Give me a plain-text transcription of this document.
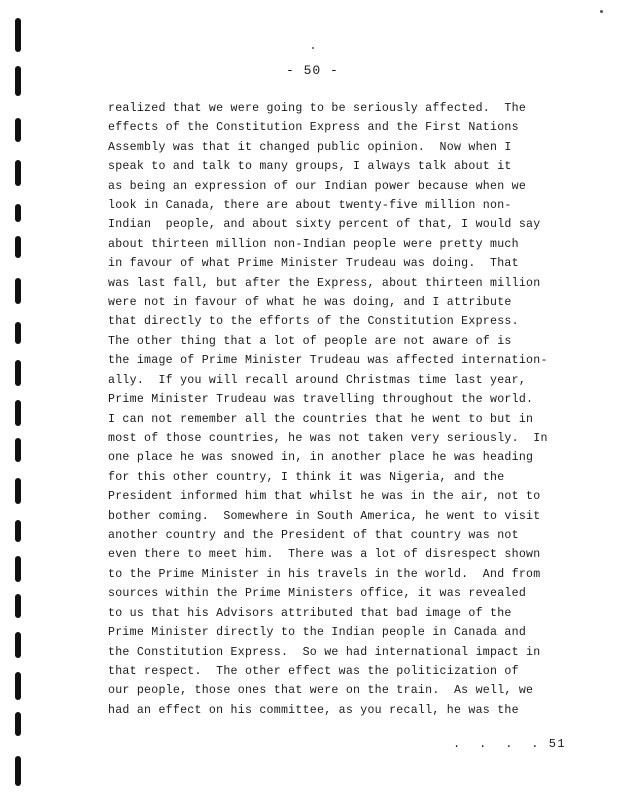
- 50 -
realized that we were going to be seriously affected.  The
effects of the Constitution Express and the First Nations
Assembly was that it changed public opinion.  Now when I
speak to and talk to many groups, I always talk about it
as being an expression of our Indian power because when we
look in Canada, there are about twenty-five million non-
Indian  people, and about sixty percent of that, I would say
about thirteen million non-Indian people were pretty much
in favour of what Prime Minister Trudeau was doing.  That
was last fall, but after the Express, about thirteen million
were not in favour of what he was doing, and I attribute
that directly to the efforts of the Constitution Express.
The other thing that a lot of people are not aware of is
the image of Prime Minister Trudeau was affected internation-
ally.  If you will recall around Christmas time last year,
Prime Minister Trudeau was travelling throughout the world.
I can not remember all the countries that he went to but in
most of those countries, he was not taken very seriously.  In
one place he was snowed in, in another place he was heading
for this other country, I think it was Nigeria, and the
President informed him that whilst he was in the air, not to
bother coming.  Somewhere in South America, he went to visit
another country and the President of that country was not
even there to meet him.  There was a lot of disrespect shown
to the Prime Minister in his travels in the world.  And from
sources within the Prime Ministers office, it was revealed
to us that his Advisors attributed that bad image of the
Prime Minister directly to the Indian people in Canada and
the Constitution Express.  So we had international impact in
that respect.  The other effect was the politicization of
our people, those ones that were on the train.  As well, we
had an effect on his committee, as you recall, he was the
.  .  .  . 51
